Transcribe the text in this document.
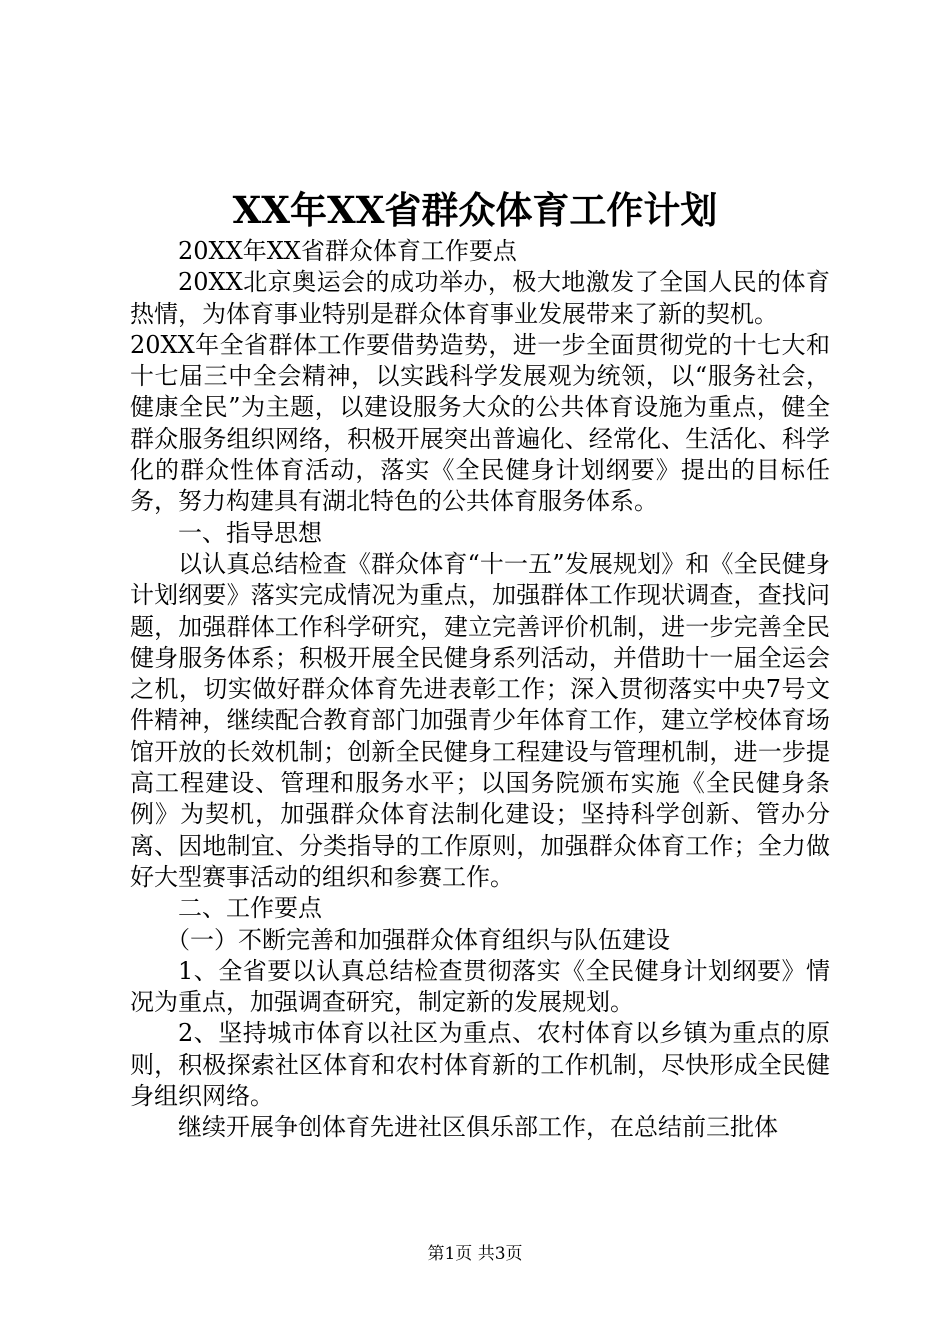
XX年XX省群众体育工作计划

20XX年XX省群众体育工作要点

20XX北京奥运会的成功举办，极大地激发了全国人民的体育热情，为体育事业特别是群众体育事业发展带来了新的契机。

20XX年全省群体工作要借势造势，进一步全面贯彻党的十七大和十七届三中全会精神，以实践科学发展观为统领，以“服务社会，健康全民”为主题，以建设服务大众的公共体育设施为重点，健全群众服务组织网络，积极开展突出普遍化、经常化、生活化、科学化的群众性体育活动，落实《全民健身计划纲要》提出的目标任务，努力构建具有湖北特色的公共体育服务体系。

一、指导思想

以认真总结检查《群众体育“十一五”发展规划》和《全民健身计划纲要》落实完成情况为重点，加强群体工作现状调查，查找问题，加强群体工作科学研究，建立完善评价机制，进一步完善全民健身服务体系；积极开展全民健身系列活动，并借助十一届全运会之机，切实做好群众体育先进表彰工作；深入贯彻落实中央7号文件精神，继续配合教育部门加强青少年体育工作，建立学校体育场馆开放的长效机制；创新全民健身工程建设与管理机制，进一步提高工程建设、管理和服务水平；以国务院颁布实施《全民健身条例》为契机，加强群众体育法制化建设；坚持科学创新、管办分离、因地制宜、分类指导的工作原则，加强群众体育工作；全力做好大型赛事活动的组织和参赛工作。

二、工作要点

（一）不断完善和加强群众体育组织与队伍建设

1、全省要以认真总结检查贯彻落实《全民健身计划纲要》情况为重点，加强调查研究，制定新的发展规划。

2、坚持城市体育以社区为重点、农村体育以乡镇为重点的原则，积极探索社区体育和农村体育新的工作机制，尽快形成全民健身组织网络。

继续开展争创体育先进社区俱乐部工作，在总结前三批体

第1页 共3页
